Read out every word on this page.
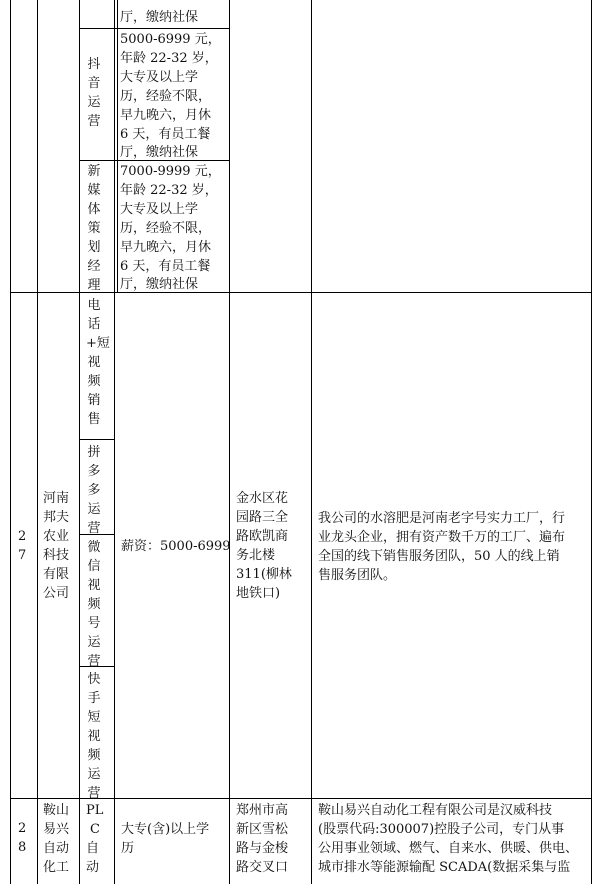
厅，缴纳社保
抖音运营
5000-6999 元，
年龄 22-32 岁，
大专及以上学
历，经验不限，
早九晚六，月休
6 天，有员工餐
厅，缴纳社保
新媒体策划经理
7000-9999 元，
年龄 22-32 岁，
大专及以上学
历，经验不限，
早九晚六，月休
6 天，有员工餐
厅，缴纳社保
2
7
河南
邦夫
农业
科技
有限
公司
电话+短视频销售
拼多多运营
微信视频号运营
快手短视频运营
薪资：5000-6999
金水区花
园路三全
路欧凯商
务北楼
311(柳林
地铁口)
我公司的水溶肥是河南老字号实力工厂，行
业龙头企业，拥有资产数千万的工厂、遍布
全国的线下销售服务团队，50 人的线上销
售服务团队。
2
8
鞍山
易兴
自动
化工
PL
C
自
动
大专(含)以上学
历
郑州市高
新区雪松
路与金梭
路交叉口
鞍山易兴自动化工程有限公司是汉威科技
(股票代码:300007)控股子公司，专门从事
公用事业领域、燃气、自来水、供暖、供电、
城市排水等能源输配 SCADA(数据采集与监
